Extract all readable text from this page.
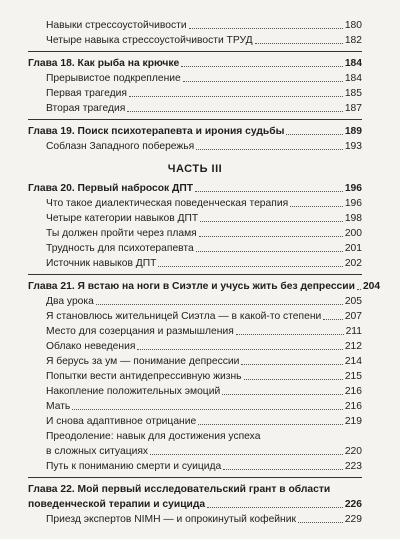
Навыки стрессоустойчивости	180
Четыре навыка стрессоустойчивости ТРУД	182
Глава 18. Как рыба на крючке	184
Прерывистое подкрепление	184
Первая трагедия	185
Вторая трагедия	187
Глава 19. Поиск психотерапевта и ирония судьбы	189
Соблазн Западного побережья	193
ЧАСТЬ III
Глава 20. Первый набросок ДПТ	196
Что такое диалектическая поведенческая терапия	196
Четыре категории навыков ДПТ	198
Ты должен пройти через пламя	200
Трудность для психотерапевта	201
Источник навыков ДПТ	202
Глава 21. Я встаю на ноги в Сиэтле и учусь жить без депрессии 204
Два урока	205
Я становлюсь жительницей Сиэтла — в какой-то степени 207
Место для созерцания и размышления	211
Облако неведения	212
Я берусь за ум — понимание депрессии	214
Попытки вести антидепрессивную жизнь	215
Накопление положительных эмоций	216
Мать	216
И снова адаптивное отрицание	219
Преодоление: навык для достижения успеха
в сложных ситуациях	220
Путь к пониманию смерти и суицида	223
Глава 22. Мой первый исследовательский грант в области
поведенческой терапии и суицида	226
Приезд экспертов NIMH — и опрокинутый кофейник	229
